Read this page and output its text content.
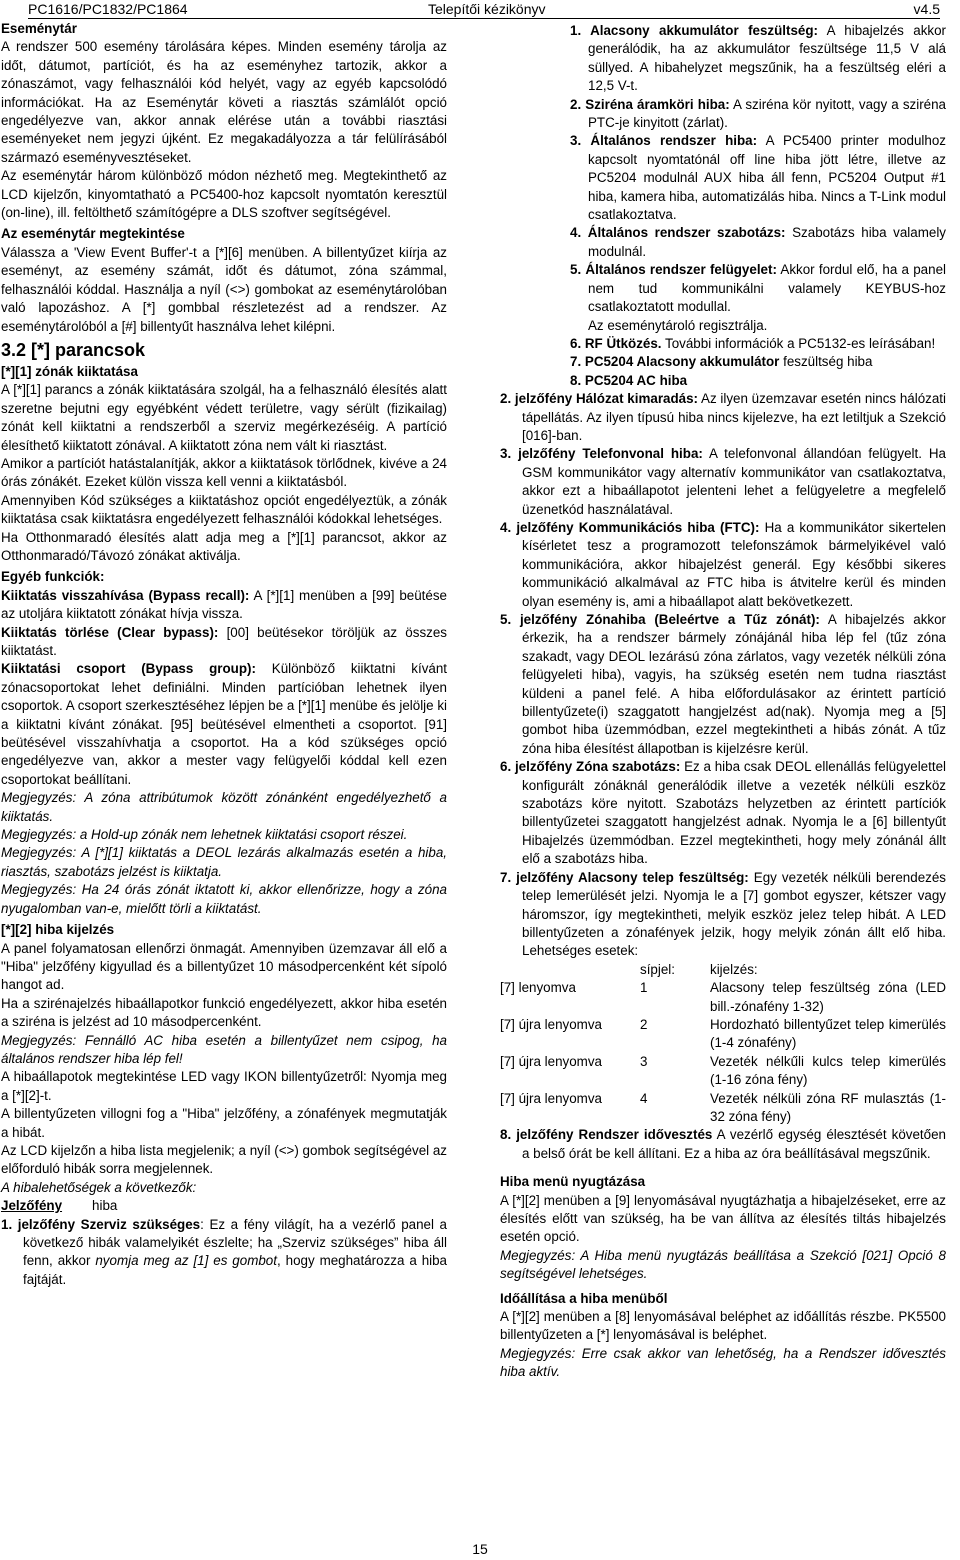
PC1616/PC1832/PC1864	Telepítői kézikönyv	v4.5

Eseménytár

A rendszer 500 esemény tárolására képes. Minden esemény tárolja az időt, dátumot, partíciót, és ha az eseményhez tartozik, akkor a zónaszámot, vagy felhasználói kód helyét, vagy az egyéb kapcsolódó információkat. Ha az Eseménytár követi a riasztás számlálót opció engedélyezve van, akkor annak elérése után a további riasztási eseményeket nem jegyzi újként. Ez megakadályozza a tár felülírásából származó eseményvesztéseket.

Az eseménytár három különböző módon nézhető meg. Megtekinthető az LCD kijelzőn, kinyomtatható a PC5400-hoz kapcsolt nyomtatón keresztül (on-line), ill. feltölthető számítógépre a DLS szoftver segítségével.

Az eseménytár megtekintése

Válassza a 'View Event Buffer'-t a [*][6] menüben. A billentyűzet kiírja az eseményt, az esemény számát, időt és dátumot, zóna számmal, felhasználói kóddal. Használja a nyíl (<>) gombokat az eseménytárolóban való lapozáshoz. A [*] gombbal részletezést ad a rendszer. Az eseménytárolóból a [#] billentyűt használva lehet kilépni.

3.2 [*] parancsok

[*][1] zónák kiiktatása

A [*][1] parancs a zónák kiiktatására szolgál, ha a felhasználó élesítés alatt szeretne bejutni egy egyébként védett területre, vagy sérült (fizikailag) zónát kell kiiktatni a rendszerből a szerviz megérkezéséig. A partíció élesíthető kiiktatott zónával. A kiiktatott zóna nem vált ki riasztást.

Amikor a partíciót hatástalanítják, akkor a kiiktatások törlődnek, kivéve a 24 órás zónákét. Ezeket külön vissza kell venni a kiiktatásból.

Amennyiben Kód szükséges a kiiktatáshoz opciót engedélyeztük, a zónák kiiktatása csak kiiktatásra engedélyezett felhasználói kódokkal lehetséges.

Ha Otthonmaradó élesítés alatt adja meg a [*][1] parancsot, akkor az Otthonmaradó/Távozó zónákat aktiválja.

Egyéb funkciók:

Kiiktatás visszahívása (Bypass recall): A [*][1] menüben a [99] beütése az utoljára kiiktatott zónákat hívja vissza.

Kiiktatás törlése (Clear bypass): [00] beütésekor töröljük az összes kiiktatást.

Kiiktatási csoport (Bypass group): Különböző kiiktatni kívánt zónacsoportokat lehet definiálni. Minden partícióban lehetnek ilyen csoportok. A csoport szerkesztéséhez lépjen be a [*][1] menübe és jelölje ki a kiiktatni kívánt zónákat. [95] beütésével elmentheti a csoportot. [91] beütésével visszahívhatja a csoportot. Ha a kód szükséges opció engedélyezve van, akkor a mester vagy felügyelői kóddal kell ezen csoportokat beállítani.

Megjegyzés: A zóna attribútumok között zónánként engedélyezhető a kiiktatás.

Megjegyzés: a Hold-up zónák nem lehetnek kiiktatási csoport részei.

Megjegyzés: A [*][1] kiiktatás a DEOL lezárás alkalmazás esetén a hiba, riasztás, szabotázs jelzést is kiiktatja.

Megjegyzés: Ha 24 órás zónát iktatott ki, akkor ellenőrizze, hogy a zóna nyugalomban van-e, mielőtt törli a kiiktatást.

[*][2] hiba kijelzés

A panel folyamatosan ellenőrzi önmagát. Amennyiben üzemzavar áll elő a "Hiba" jelzőfény kigyullad és a billentyűzet 10 másodpercenként két sípoló hangot ad.

Ha a szirénajelzés hibaállapotkor funkció engedélyezett, akkor hiba esetén a sziréna is jelzést ad 10 másodpercenként.

Megjegyzés: Fennálló AC hiba esetén a billentyűzet nem csipog, ha általános rendszer hiba lép fel!

A hibaállapotok megtekintése LED vagy IKON billentyűzetről: Nyomja meg a [*][2]-t.

A billentyűzeten villogni fog a "Hiba" jelzőfény, a zónafények megmutatják a hibát.

Az LCD kijelzőn a hiba lista megjelenik; a nyíl (<>) gombok segítségével az előforduló hibák sorra megjelennek.

A hibalehetőségek a következők:

Jelzőfény hiba

1. jelzőfény Szerviz szükséges: Ez a fény világít, ha a vezérlő panel a következő hibák valamelyikét észlelte; ha „Szerviz szükséges” hiba áll fenn, akkor nyomja meg az [1] es gombot, hogy meghatározza a hiba fajtáját.

1. Alacsony akkumulátor feszültség: A hibajelzés akkor generálódik, ha az akkumulátor feszültsége 11,5 V alá süllyed. A hibahelyzet megszűnik, ha a feszültség eléri a 12,5 V-t.

2. Sziréna áramköri hiba: A sziréna kör nyitott, vagy a sziréna PTC-je kinyitott (zárlat).

3. Általános rendszer hiba: A PC5400 printer modulhoz kapcsolt nyomtatónál off line hiba jött létre, illetve az PC5204 modulnál AUX hiba áll fenn, PC5204 Output #1 hiba, kamera hiba, automatizálás hiba. Nincs a T-Link modul csatlakoztatva.

4. Általános rendszer szabotázs: Szabotázs hiba valamely modulnál.

5. Általános rendszer felügyelet: Akkor fordul elő, ha a panel nem tud kommunikálni valamely KEYBUS-hoz csatlakoztatott modullal.

Az eseménytároló regisztrálja.

6. RF Ütközés. További információk a PC5132-es leírásában!

7. PC5204 Alacsony akkumulátor feszültség hiba

8. PC5204 AC hiba

2. jelzőfény Hálózat kimaradás: Az ilyen üzemzavar esetén nincs hálózati tápellátás. Az ilyen típusú hiba nincs kijelezve, ha ezt letiltjuk a Szekció [016]-ban.

3. jelzőfény Telefonvonal hiba: A telefonvonal állandóan felügyelt. Ha GSM kommunikátor vagy alternatív kommunikátor van csatlakoztatva, akkor ezt a hibaállapotot jelenteni lehet a felügyeletre a megfelelő üzenetkód használatával.

4. jelzőfény Kommunikációs hiba (FTC): Ha a kommunikátor sikertelen kísérletet tesz a programozott telefonszámok bármelyikével való kommunikációra, akkor hibajelzést generál. Egy későbbi sikeres kommunikáció alkalmával az FTC hiba is átvitelre kerül és minden olyan esemény is, ami a hibaállapot alatt bekövetkezett.

5. jelzőfény Zónahiba (Beleértve a Tűz zónát): A hibajelzés akkor érkezik, ha a rendszer bármely zónájánál hiba lép fel (tűz zóna szakadt, vagy DEOL lezárású zóna zárlatos, vagy vezeték nélküli zóna felügyeleti hiba), vagyis, ha szükség esetén nem tudna riasztást küldeni a panel felé. A hiba előfordulásakor az érintett partíció billentyűzete(i) szaggatott hangjelzést ad(nak). Nyomja meg a [5] gombot hiba üzemmódban, ezzel megtekintheti a hibás zónát. A tűz zóna hiba élesítést állapotban is kijelzésre kerül.

6. jelzőfény Zóna szabotázs: Ez a hiba csak DEOL ellenállás felügyelettel konfigurált zónáknál generálódik illetve a vezeték nélküli eszköz szabotázs köre nyitott. Szabotázs helyzetben az érintett partíciók billentyűzetei szaggatott hangjelzést adnak. Nyomja le a [6] billentyűt Hibajelzés üzemmódban. Ezzel megtekintheti, hogy mely zónánál állt elő a szabotázs hiba.

7. jelzőfény Alacsony telep feszültség: Egy vezeték nélküli berendezés telep lemerülését jelzi. Nyomja le a [7] gombot egyszer, kétszer vagy háromszor, így megtekintheti, melyik eszköz jelez telep hibát. A LED billentyűzeten a zónafények jelzik, hogy melyik zónán állt elő hiba. Lehetséges esetek:

sípjel:	kijelzés:
[7] lenyomva	1	Alacsony telep feszültség zóna (LED bill.-zónafény 1-32)
[7] újra lenyomva	2	Hordozható billentyűzet telep kimerülés (1-4 zónafény)
[7] újra lenyomva	3	Vezeték nélkűli kulcs telep kimerülés (1-16 zóna fény)
[7] újra lenyomva	4	Vezeték nélküli zóna RF mulasztás (1-32 zóna fény)

8. jelzőfény Rendszer idővesztés A vezérlő egység élesztését követően a belső órát be kell állítani. Ez a hiba az óra beállításával megszűnik.

Hiba menü nyugtázása

A [*][2] menüben a [9] lenyomásával nyugtázhatja a hibajelzéseket, erre az élesítés előtt van szükség, ha be van állítva az élesítés tiltás hibajelzés esetén opció.

Megjegyzés: A Hiba menü nyugtázás beállítása a Szekció [021] Opció 8 segítségével lehetséges.

Időállítása a hiba menüből

A [*][2] menüben a [8] lenyomásával beléphet az időállítás részbe. PK5500 billentyűzeten a [*] lenyomásával is beléphet.

Megjegyzés: Erre csak akkor van lehetőség, ha a Rendszer idővesztés hiba aktív.

15
